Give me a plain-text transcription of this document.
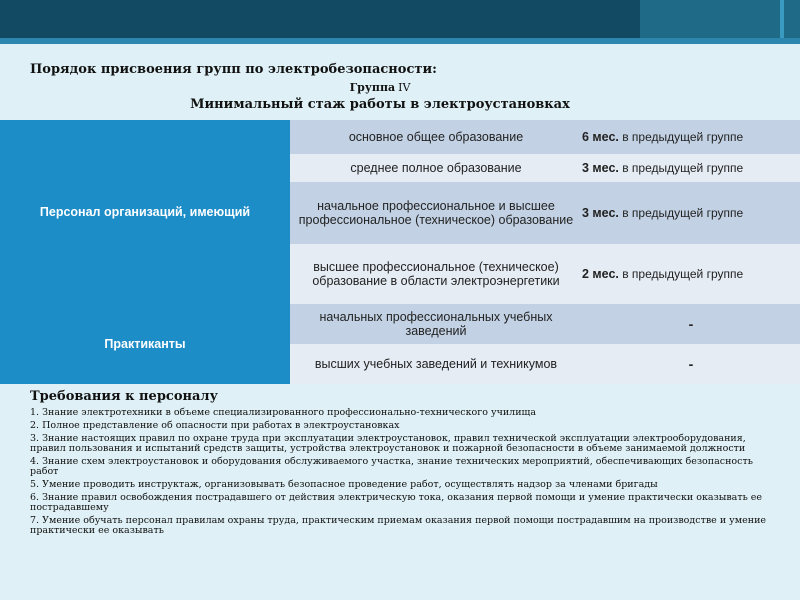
Порядок присвоения групп по электробезопасности:
Группа IV
Минимальный стаж работы в электроустановках
Персонал организаций, имеющий	основное общее образование	6 мес. в предыдущей группе
	среднее полное образование	3 мес. в предыдущей группе
	начальное профессиональное и высшее профессиональное (техническое) образование	3 мес. в предыдущей группе
	высшее профессиональное (техническое) образование в области электроэнергетики	2 мес. в предыдущей группе
Практиканты	начальных профессиональных учебных заведений	-
	высших учебных заведений и техникумов	-
Требования к персоналу
1. Знание электротехники в объеме специализированного профессионально-технического училища
2. Полное представление об опасности при работах в электроустановках
3. Знание настоящих правил по охране труда при эксплуатации электроустановок, правил технической эксплуатации электрооборудования, правил пользования и испытаний средств защиты, устройства электроустановок и пожарной безопасности в объеме занимаемой должности
4. Знание схем электроустановок и оборудования обслуживаемого участка, знание технических мероприятий, обеспечивающих безопасность работ
5. Умение проводить инструктаж, организовывать безопасное проведение работ, осуществлять надзор за членами бригады
6. Знание правил освобождения пострадавшего от действия электрическую тока, оказания первой помощи и умение практически оказывать ее пострадавшему
7. Умение обучать персонал правилам охраны труда, практическим приемам оказания первой помощи пострадавшим на производстве и умение практически ее оказывать
